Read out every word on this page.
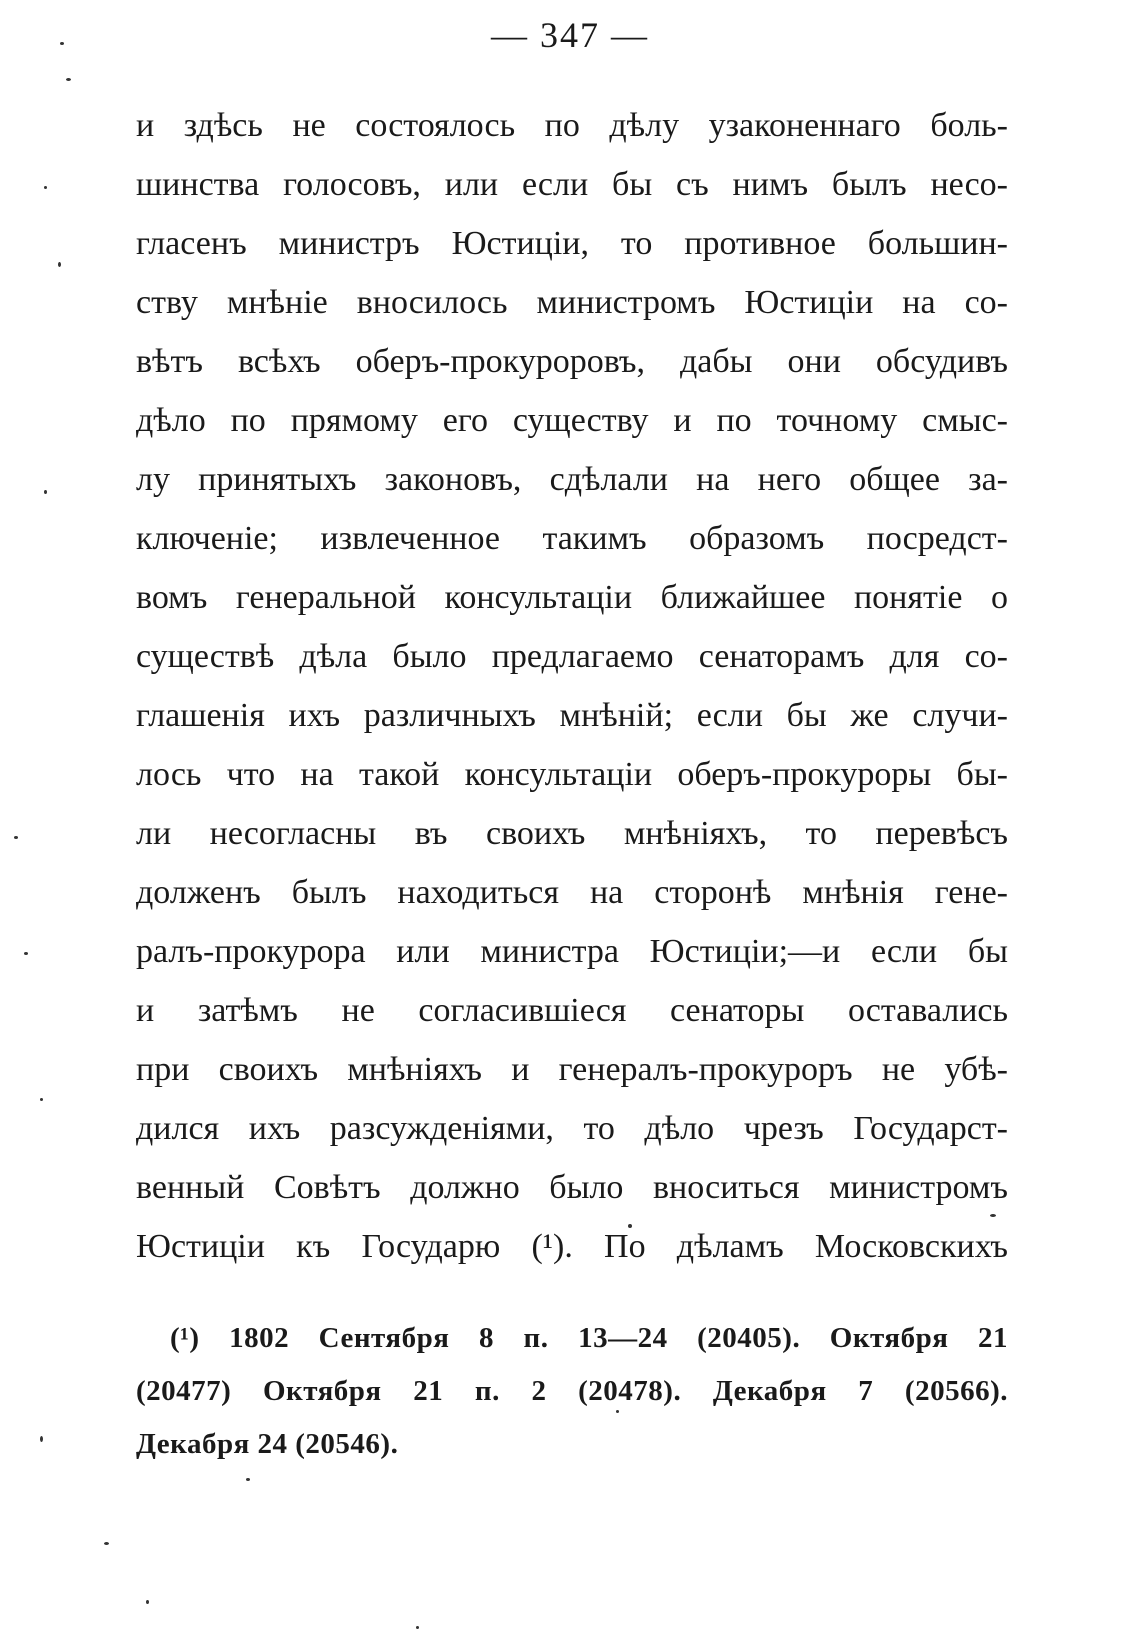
— 347 —
и здѣсь не состоялось по дѣлу узаконеннаго боль-
шинства голосовъ, или если бы съ нимъ былъ несо-
гласенъ министръ Юстиціи, то противное большин-
ству мнѣніе вносилось министромъ Юстиціи на со-
вѣтъ всѣхъ оберъ-прокуроровъ, дабы они обсудивъ
дѣло по прямому его существу и по точному смыс-
лу принятыхъ законовъ, сдѣлали на него общее за-
ключеніе; извлеченное такимъ образомъ посредст-
вомъ генеральной консультаціи ближайшее понятіе о
существѣ дѣла было предлагаемо сенаторамъ для со-
глашенія ихъ различныхъ мнѣній; если бы же случи-
лось что на такой консультаціи оберъ-прокуроры бы-
ли несогласны въ своихъ мнѣніяхъ, то перевѣсъ
долженъ былъ находиться на сторонѣ мнѣнія гене-
ралъ-прокурора или министра Юстиціи;—и если бы
и затѣмъ не согласившіеся сенаторы оставались
при своихъ мнѣніяхъ и генералъ-прокуроръ не убѣ-
дился ихъ разсужденіями, то дѣло чрезъ Государст-
венный Совѣтъ должно было вноситься министромъ
Юстиціи къ Государю (¹). По дѣламъ Московскихъ
(¹) 1802 Сентября 8 п. 13—24 (20405). Октября 21
(20477) Октября 21 п. 2 (20478). Декабря 7 (20566).
Декабря 24 (20546).
